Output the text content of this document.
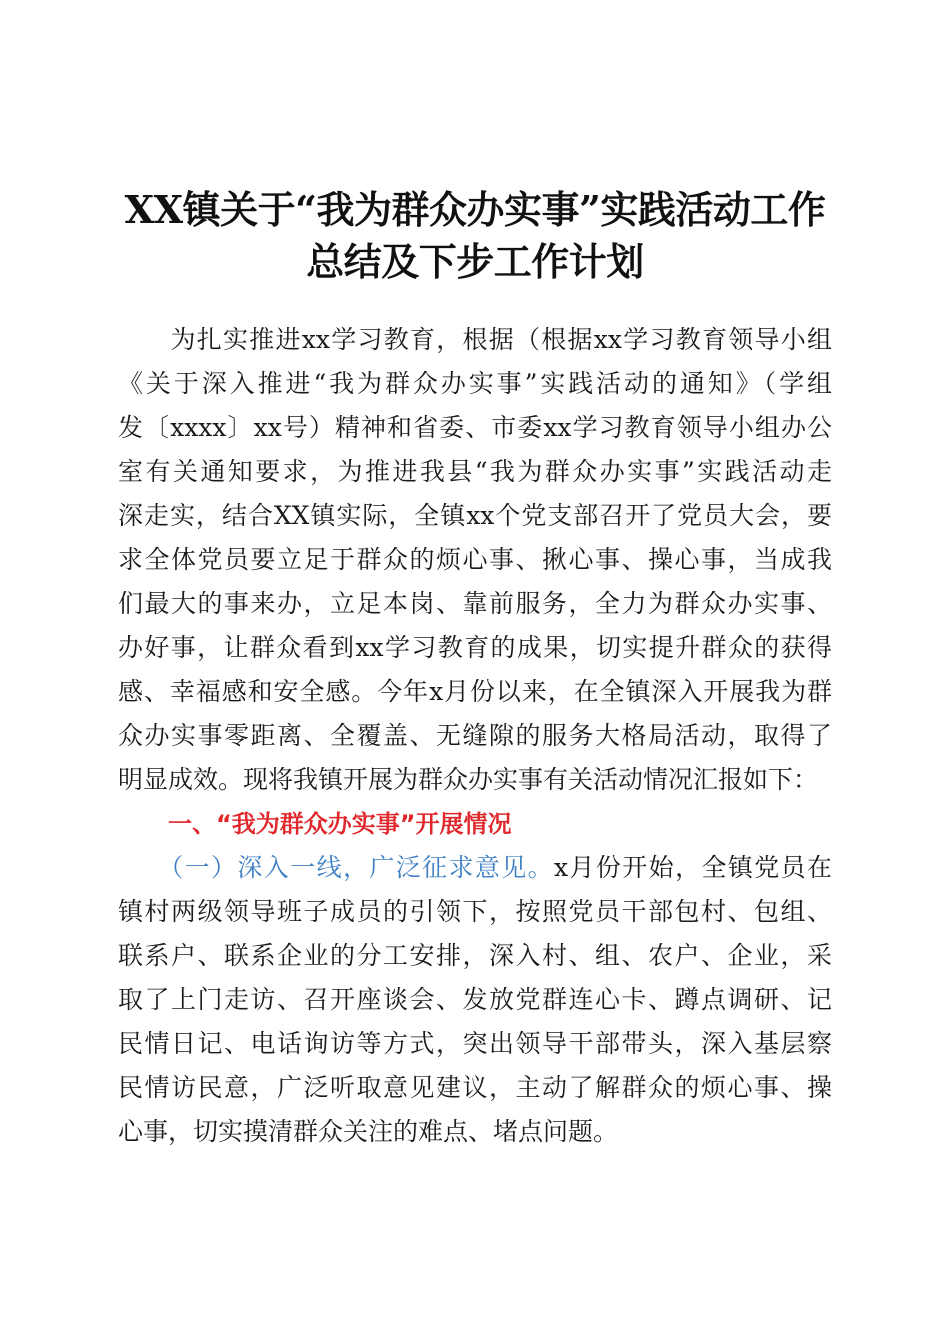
XX镇关于“我为群众办实事”实践活动工作
总结及下步工作计划
　　为扎实推进xx学习教育，根据（根据xx学习教育领导小组
《关于深入推进“我为群众办实事”实践活动的通知》（学组
发〔xxxx〕xx号）精神和省委、市委xx学习教育领导小组办公
室有关通知要求，为推进我县“我为群众办实事”实践活动走
深走实，结合XX镇实际，全镇xx个党支部召开了党员大会，要
求全体党员要立足于群众的烦心事、揪心事、操心事，当成我
们最大的事来办，立足本岗、靠前服务，全力为群众办实事、
办好事，让群众看到xx学习教育的成果，切实提升群众的获得
感、幸福感和安全感。今年x月份以来，在全镇深入开展我为群
众办实事零距离、全覆盖、无缝隙的服务大格局活动，取得了
明显成效。现将我镇开展为群众办实事有关活动情况汇报如下：
一、“我为群众办实事”开展情况
　　（一）深入一线，广泛征求意见。x月份开始，全镇党员在
镇村两级领导班子成员的引领下，按照党员干部包村、包组、
联系户、联系企业的分工安排，深入村、组、农户、企业，采
取了上门走访、召开座谈会、发放党群连心卡、蹲点调研、记
民情日记、电话询访等方式，突出领导干部带头，深入基层察
民情访民意，广泛听取意见建议，主动了解群众的烦心事、操
心事，切实摸清群众关注的难点、堵点问题。
